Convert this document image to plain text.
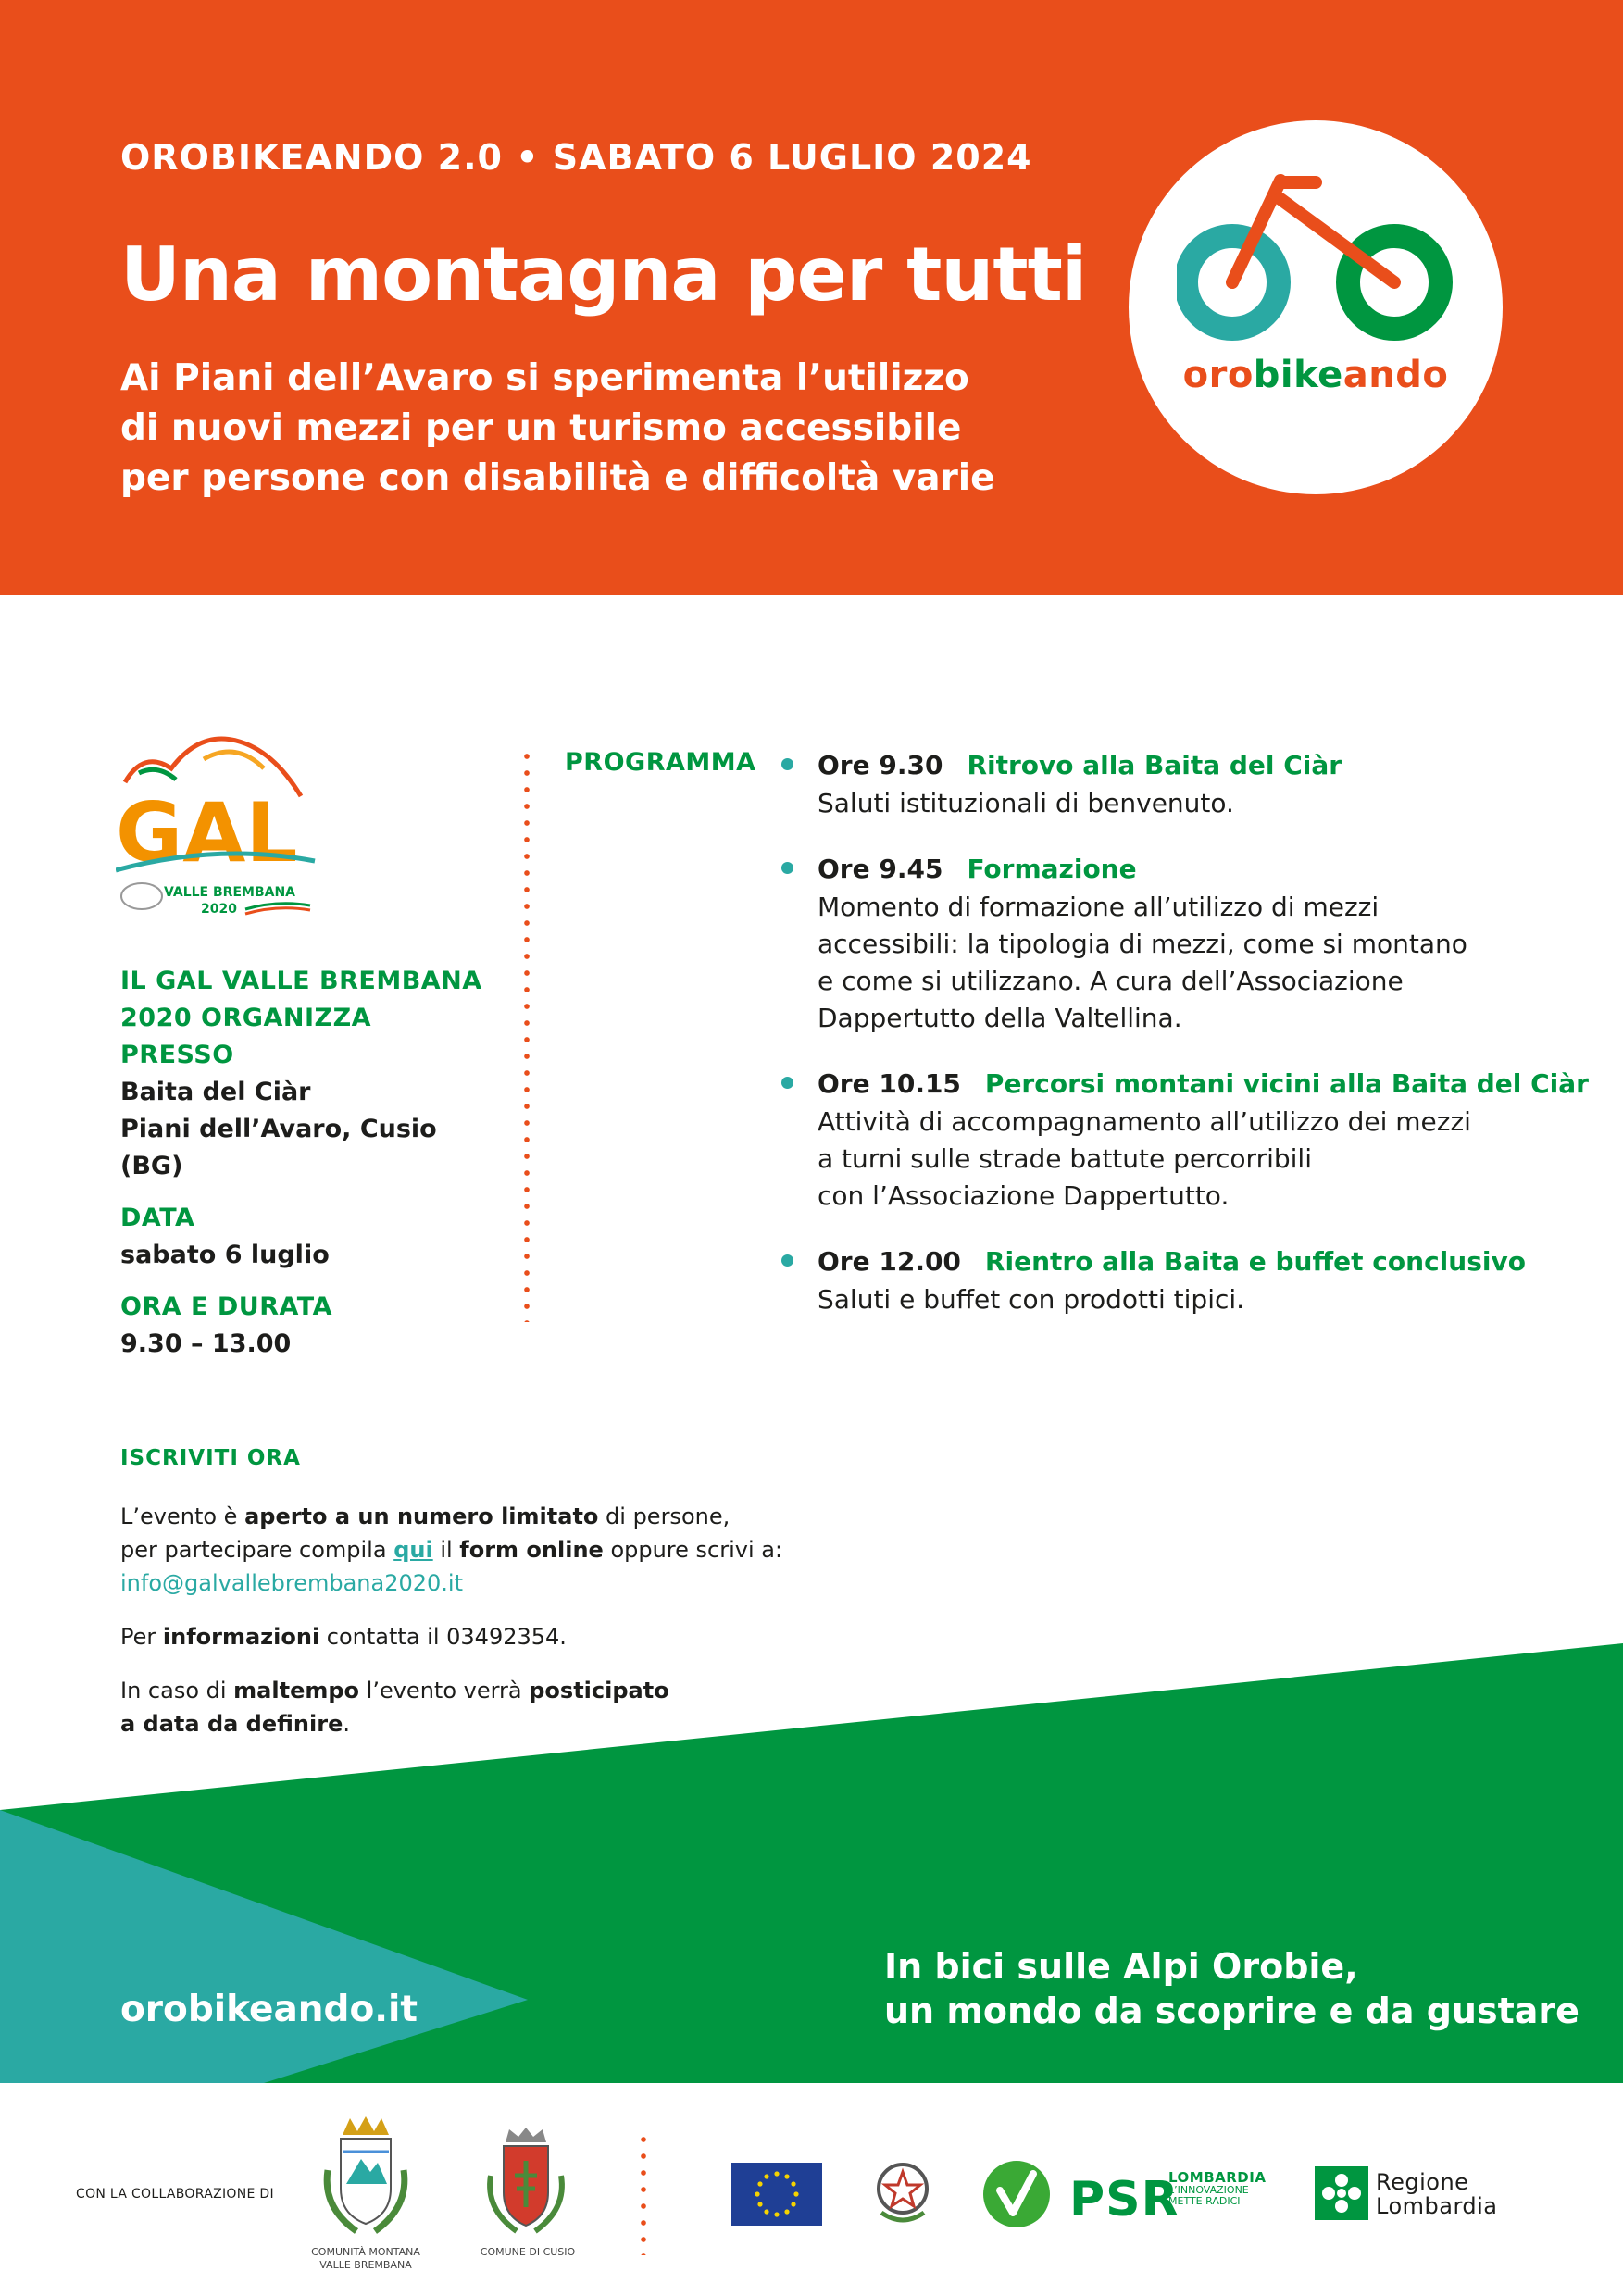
OROBIKEANDO 2.0 • SABATO 6 LUGLIO 2024
Una montagna per tutti
Ai Piani dell’Avaro si sperimenta l’utilizzo
di nuovi mezzi per un turismo accessibile
per persone con disabilità e difficoltà varie
orobikeando
GAL
VALLE BREMBANA
2020
IL GAL VALLE BREMBANA
2020 ORGANIZZA
PRESSO
Baita del Ciàr
Piani dell’Avaro, Cusio (BG)
DATA
sabato 6 luglio
ORA E DURATA
9.30 – 13.00
PROGRAMMA Ore 9.30 Ritrovo alla Baita del Ciàr
Saluti istituzionali di benvenuto.
Ore 9.45 Formazione
Momento di formazione all’utilizzo di mezzi
accessibili: la tipologia di mezzi, come si montano
e come si utilizzano. A cura dell’Associazione
Dappertutto della Valtellina.
Ore 10.15 Percorsi montani vicini alla Baita del Ciàr
Attività di accompagnamento all’utilizzo dei mezzi
a turni sulle strade battute percorribili
con l’Associazione Dappertutto.
Ore 12.00 Rientro alla Baita e buffet conclusivo
Saluti e buffet con prodotti tipici.
ISCRIVITI ORA

L’evento è aperto a un numero limitato di persone,
per partecipare compila qui il form online oppure scrivi a:
info@galvallebrembana2020.it

Per informazioni contatta il 03492354.

In caso di maltempo l’evento verrà posticipato
a data da definire.

orobikeando.it
In bici sulle Alpi Orobie,
un mondo da scoprire e da gustare
CON LA COLLABORAZIONE DI
COMUNITÀ MONTANA
VALLE BREMBANA
COMUNE DI CUSIO
PSR
LOMBARDIA
L’INNOVAZIONE
METTE RADICI
Regione
Lombardia
